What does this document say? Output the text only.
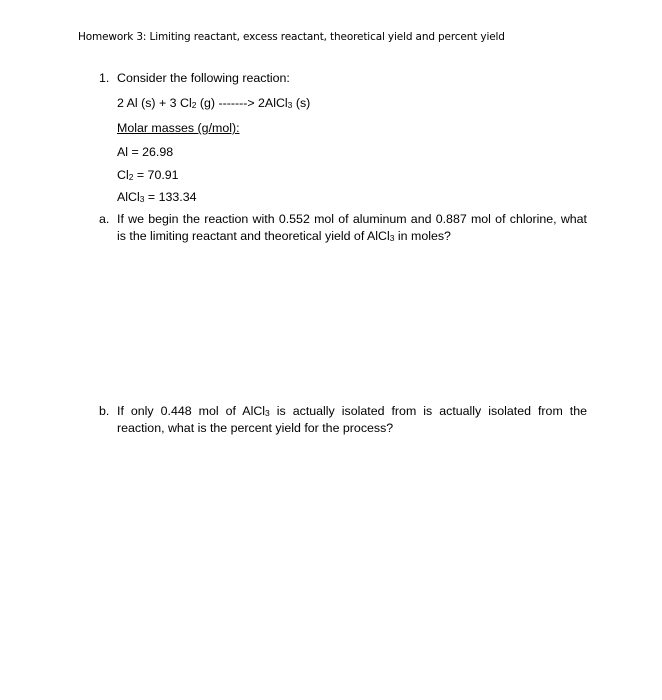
Homework 3: Limiting reactant, excess reactant, theoretical yield and percent yield
1. Consider the following reaction:
2 Al (s) + 3 $Cl_2$ (g) -------> 2AlCl$_3$ (s)
Molar masses (g/mol):
Al = 26.98
$Cl_2 = 70.91$
AlCl$_3$ = 133.34
a. If we begin the reaction with 0.552 mol of aluminum and 0.887 mol of chlorine, what is the limiting reactant and theoretical yield of AlCl$_3$ in moles?
b. If only 0.448 mol of AlCl$_3$ is actually isolated from is actually isolated from the reaction, what is the percent yield for the process?
